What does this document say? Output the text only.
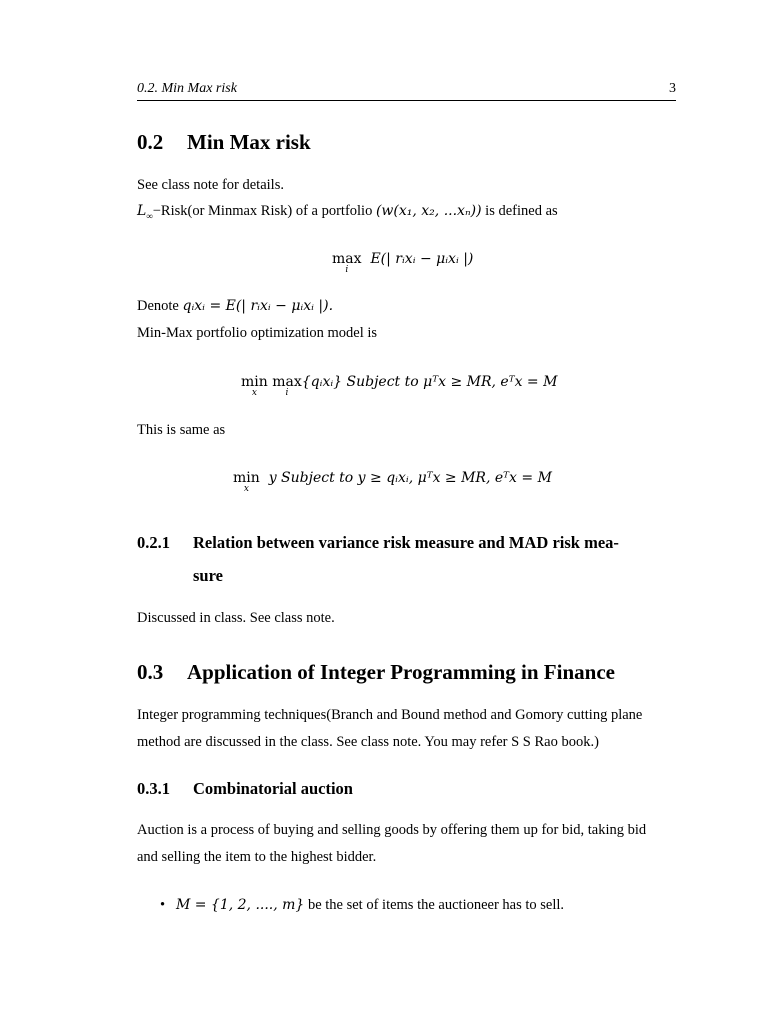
0.2. Min Max risk	3
0.2 Min Max risk
See class note for details.
$L_\infty-Risk(or$ Minmax Risk) of a portfolio (w(x₁, x₂, ...xₙ)) is defined as
max
i
E(| rᵢxᵢ − μᵢxᵢ |)
Denote qᵢxᵢ = E(| rᵢxᵢ − μᵢxᵢ |).
Min-Max portfolio optimization model is
min
x
max
i
{qᵢxᵢ} Subject to μᵀx ≥ MR, eᵀx = M
This is same as
min
x
y Subject to y ≥ qᵢxᵢ, μᵀx ≥ MR, eᵀx = M
0.2.1 Relation between variance risk measure and MAD risk mea-
sure
Discussed in class. See class note.
0.3 Application of Integer Programming in Finance
Integer programming techniques(Branch and Bound method and Gomory cutting plane
method are discussed in the class. See class note. You may refer S S Rao book.)
0.3.1 Combinatorial auction
Auction is a process of buying and selling goods by offering them up for bid, taking bid
and selling the item to the highest bidder.
• M = {1, 2, ...., m} be the set of items the auctioneer has to sell.
